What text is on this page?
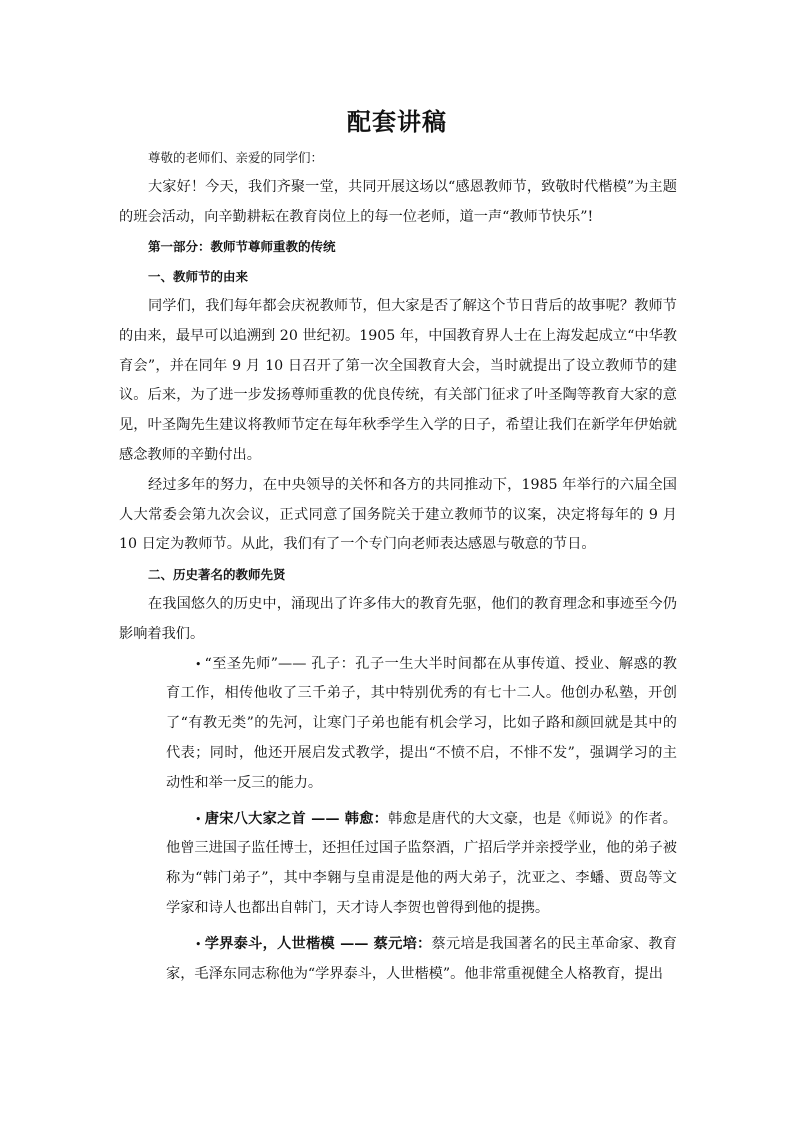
配套讲稿

尊敬的老师们、亲爱的同学们：

大家好！今天，我们齐聚一堂，共同开展这场以“感恩教师节，致敬时代楷模”为主题的班会活动，向辛勤耕耘在教育岗位上的每一位老师，道一声“教师节快乐”!

第一部分：教师节尊师重教的传统

一、教师节的由来

同学们，我们每年都会庆祝教师节，但大家是否了解这个节日背后的故事呢？教师节的由来，最早可以追溯到 20 世纪初。1905 年，中国教育界人士在上海发起成立“中华教育会”，并在同年 9 月 10 日召开了第一次全国教育大会，当时就提出了设立教师节的建议。后来，为了进一步发扬尊师重教的优良传统，有关部门征求了叶圣陶等教育大家的意见，叶圣陶先生建议将教师节定在每年秋季学生入学的日子，希望让我们在新学年伊始就感念教师的辛勤付出。

经过多年的努力，在中央领导的关怀和各方的共同推动下，1985 年举行的六届全国人大常委会第九次会议，正式同意了国务院关于建立教师节的议案，决定将每年的 9 月 10 日定为教师节。从此，我们有了一个专门向老师表达感恩与敬意的节日。

二、历史著名的教师先贤

在我国悠久的历史中，涌现出了许多伟大的教育先驱，他们的教育理念和事迹至今仍影响着我们。

• “至圣先师”—— 孔子：孔子一生大半时间都在从事传道、授业、解惑的教育工作，相传他收了三千弟子，其中特别优秀的有七十二人。他创办私塾，开创了“有教无类”的先河，让寒门子弟也能有机会学习，比如子路和颜回就是其中的代表；同时，他还开展启发式教学，提出“不愤不启，不悱不发”，强调学习的主动性和举一反三的能力。

• 唐宋八大家之首 —— 韩愈：韩愈是唐代的大文豪，也是《师说》的作者。他曾三进国子监任博士，还担任过国子监祭酒，广招后学并亲授学业，他的弟子被称为“韩门弟子”，其中李翱与皇甫湜是他的两大弟子，沈亚之、李蟠、贾岛等文学家和诗人也都出自韩门，天才诗人李贺也曾得到他的提携。

• 学界泰斗，人世楷模 —— 蔡元培：蔡元培是我国著名的民主革命家、教育家，毛泽东同志称他为“学界泰斗，人世楷模”。他非常重视健全人格教育，提出
